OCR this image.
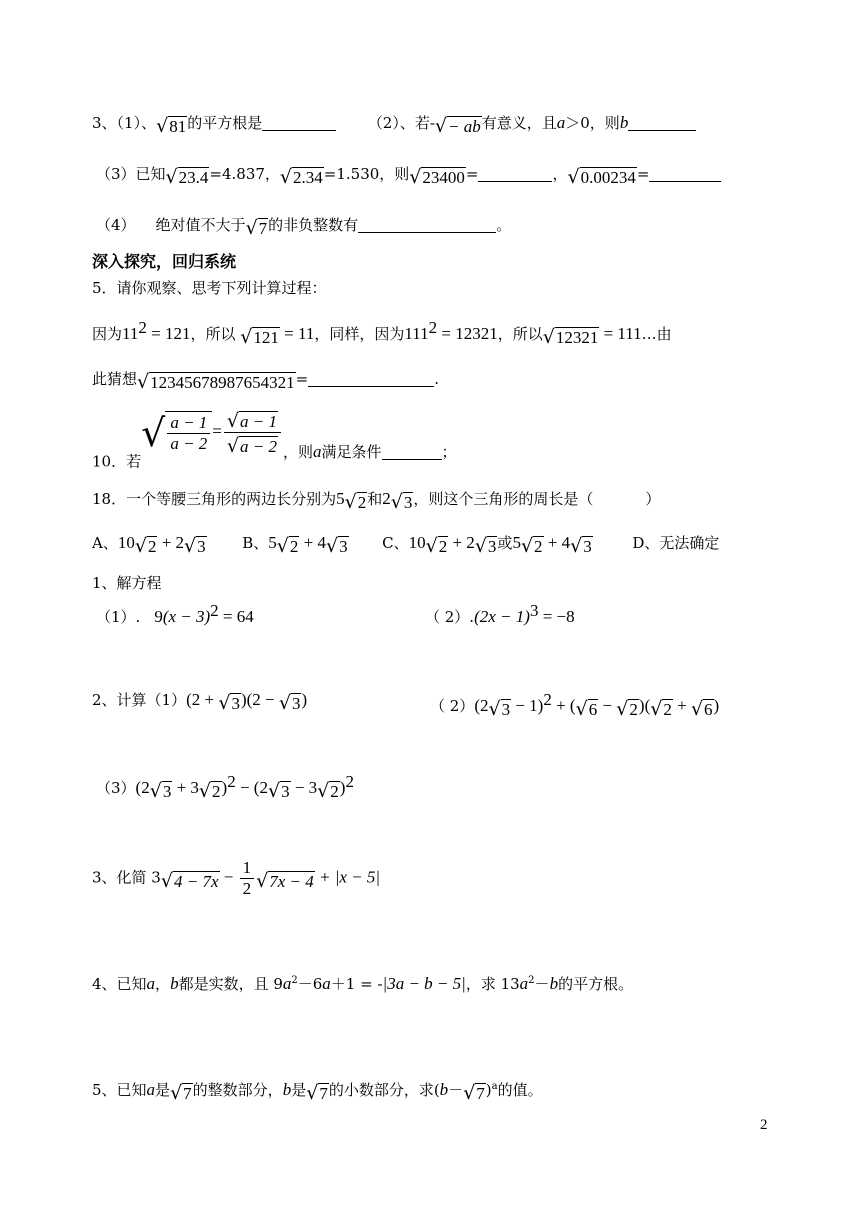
3、（1）、 √ 81 的平方根是	（2）、若- √ − ab 有意义，且a＞0，则b
（3）已知 √ 23.4 =4.837， √ 2.34 =1.530，则 √ 23400 =	， √ 0.00234 =
（4） 绝对值不大于 √ 7 的非负整数有	。
深入探究，回归系统
5．请你观察、思考下列计算过程：
因为$11^2 = 121$，所以 √ 121 = 11，同样，因为$111^2 = 12321$，所以 √ 12321 = 111…由
此猜想 √ 12345678987654321 =	.
10．若
√ $\frac{a - 1}{a - 2} = \frac{√ a - 1}{√ a - 2}$ ，则a满足条件	；
18．一个等腰三角形的两边长分别为5 √ 2 和2 √ 3 ，则这个三角形的周长是（	）
A、10 √ 2 + 2 √ 3 B、5 √ 2 + 4 √ 3 C、10 √ 2 + 2 √ 3 或5 √ 2 + 4 √ 3	D、无法确定
1、解方程
（1）. $9(x - 3)^2 = 64$	（ $2).(2x - 1)^3 = -8$
2、计算（1）(2 + √ 3 )(2 − √ 3 )	（ 2）(2 √ 3 − 1)$^2$ + ( √ 6 − √ 2 )( √ 2 + √ 6 )
（3）(2 √ 3 + 3 √ 2 )$^2$ − (2 √ 3 − 3 √ 2 )$^2$
3、化简 3 √ $4 - 7x - \frac{1}{2}$ √ 7x − 4 + |x − 5|
4、已知a，b都是实数，且 $9a^2-6a+1 = -|3a - b - 5|$，求 $13a^2-b$的平方根。
5、已知a是 √ 7 的整数部分，b是 √ 7 的小数部分，求(b－ √ 7 )$^a$的值。
2
